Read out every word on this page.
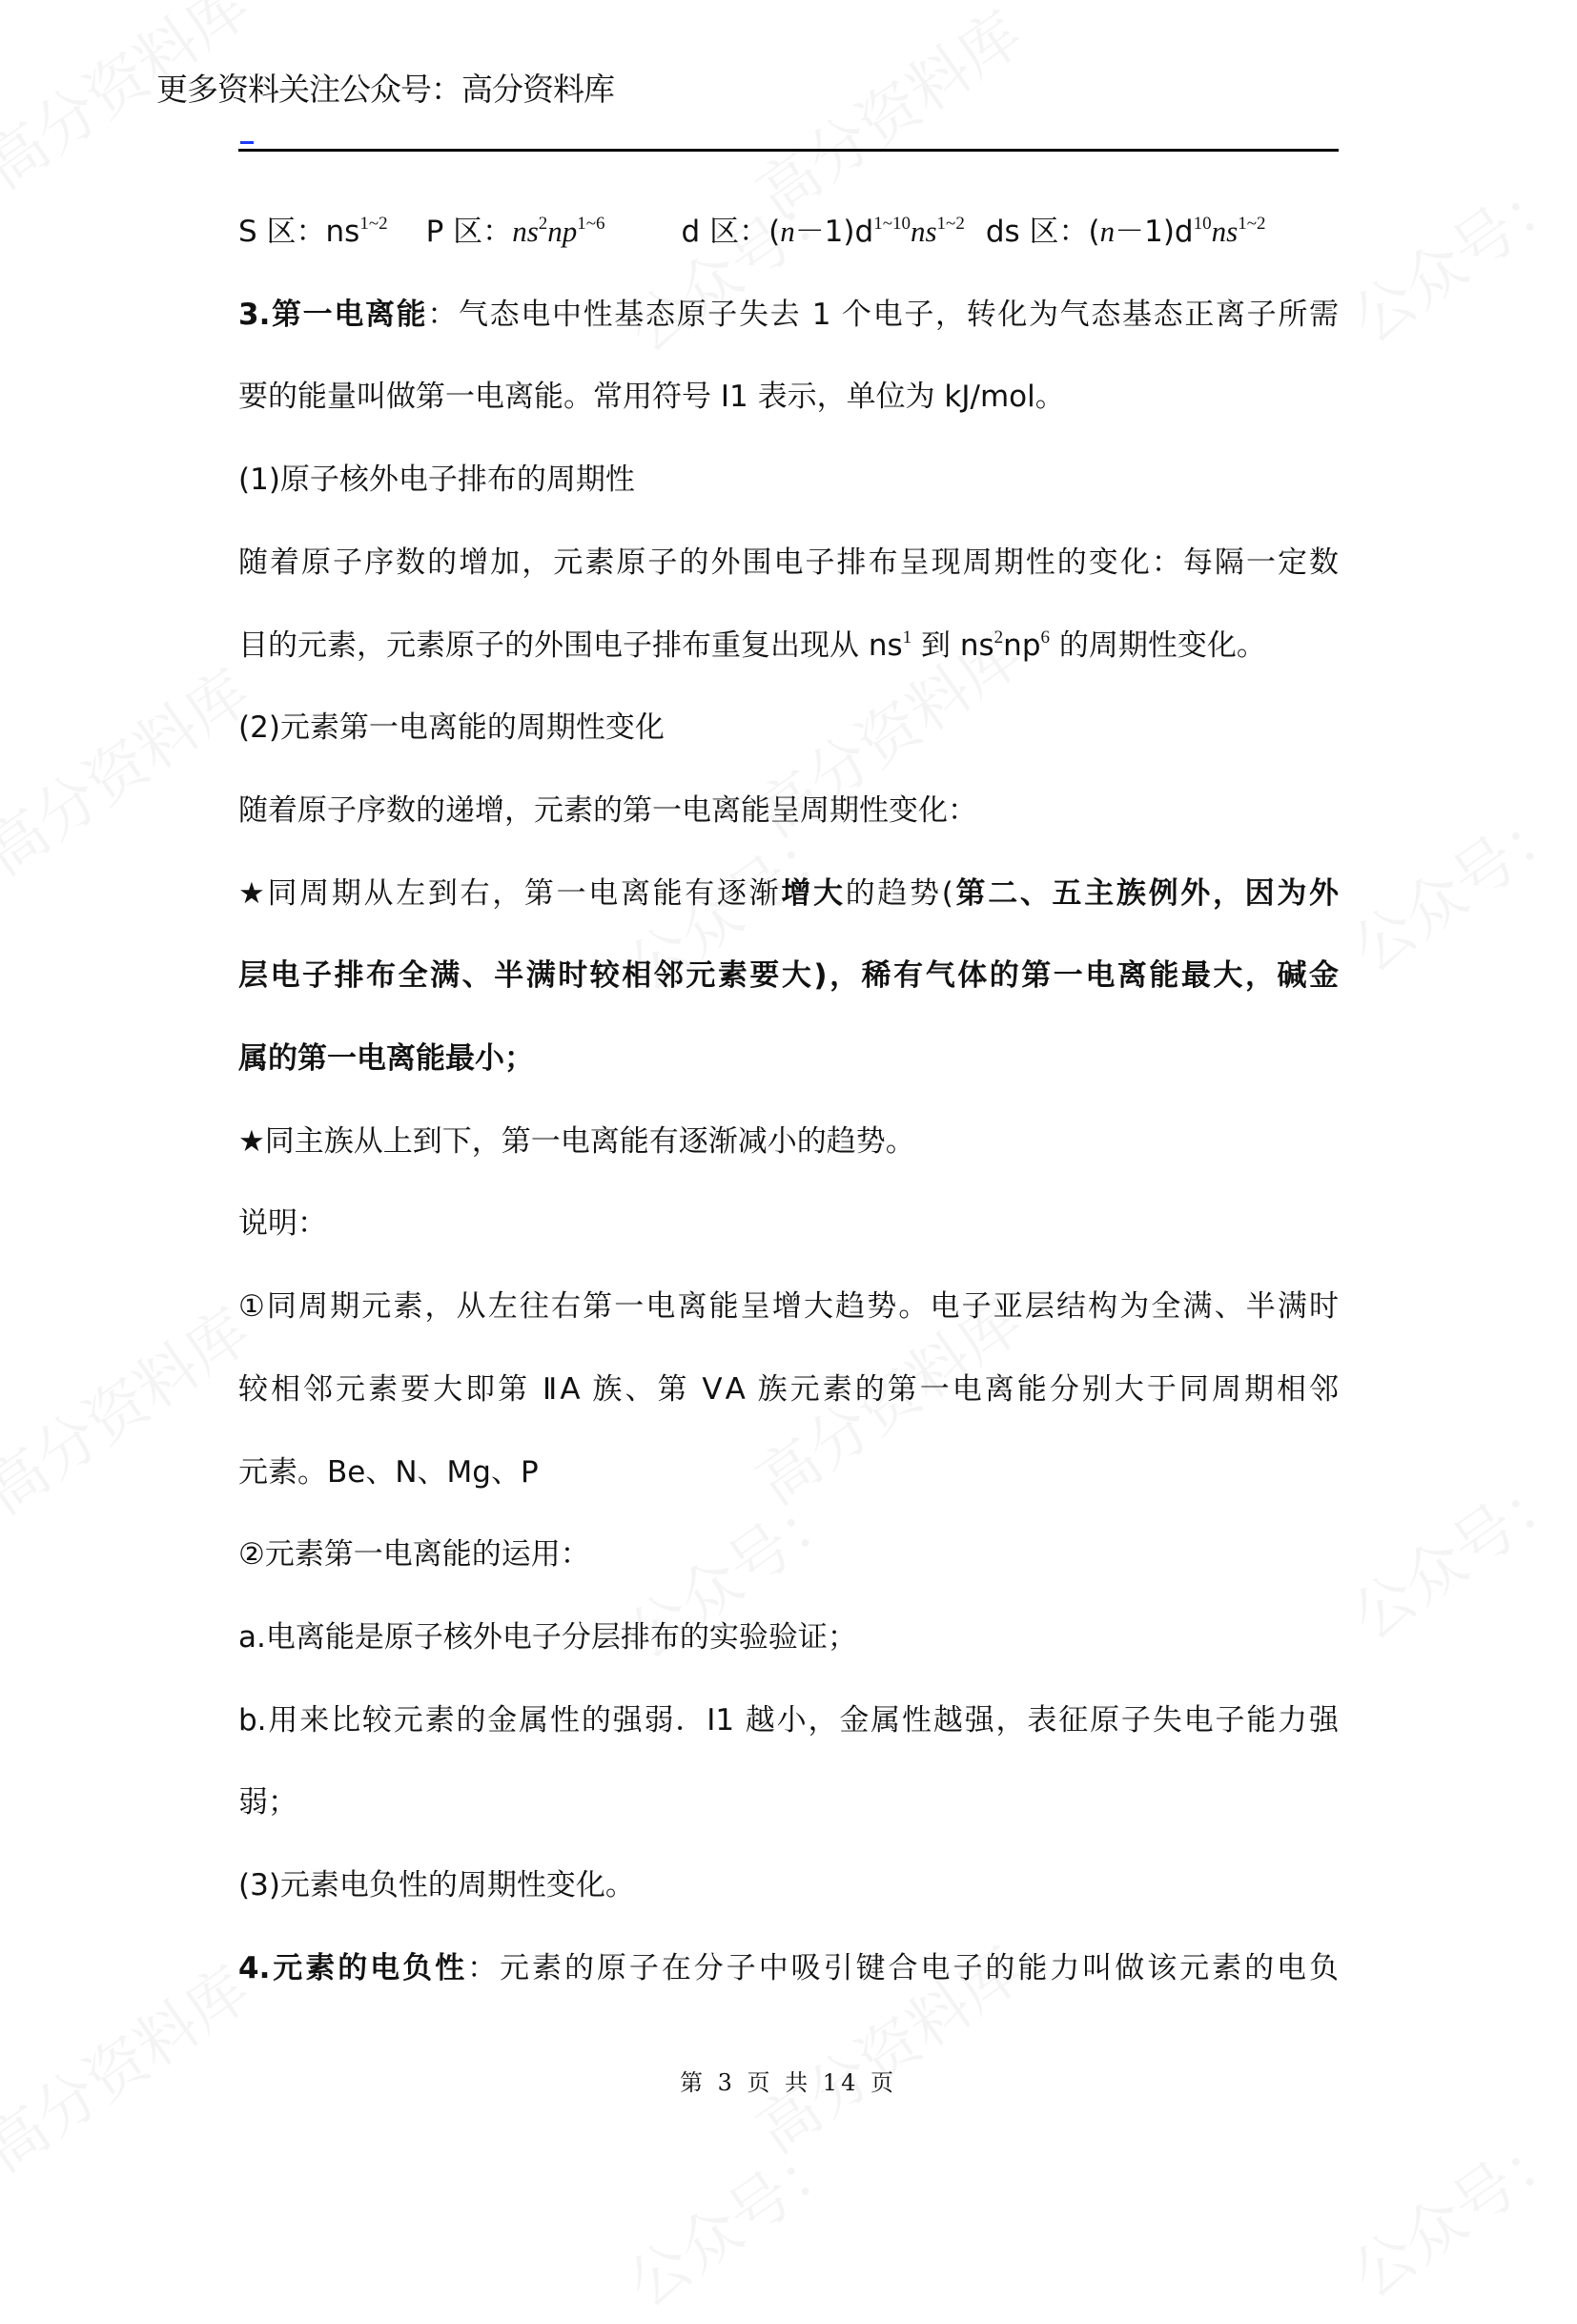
更多资料关注公众号：高分资料库
S 区：$ns^{1\sim 2}$ P 区：$ns^2np^{1\sim 6}$	d 区：$(n-1)d^{1\sim 10}ns^{1\sim 2}$ ds 区：$(n-1)d^{10}ns^{1\sim 2}$
3.第一电离能：气态电中性基态原子失去 1 个电子，转化为气态基态正离子所需
要的能量叫做第一电离能。常用符号 I1 表示，单位为 kJ/mol。
(1)原子核外电子排布的周期性
随着原子序数的增加，元素原子的外围电子排布呈现周期性的变化：每隔一定数
目的元素，元素原子的外围电子排布重复出现从 $ns^1$ 到 $ns^2np^6$ 的周期性变化。
(2)元素第一电离能的周期性变化
随着原子序数的递增，元素的第一电离能呈周期性变化：
★同周期从左到右，第一电离能有逐渐增大的趋势(第二、五主族例外，因为外
层电子排布全满、半满时较相邻元素要大)，稀有气体的第一电离能最大，碱金
属的第一电离能最小；
★同主族从上到下，第一电离能有逐渐减小的趋势。
说明：
①同周期元素，从左往右第一电离能呈增大趋势。电子亚层结构为全满、半满时
较相邻元素要大即第 ⅡA 族、第 ⅤA 族元素的第一电离能分别大于同周期相邻
元素。Be、N、Mg、P
②元素第一电离能的运用：
a.电离能是原子核外电子分层排布的实验验证；
b.用来比较元素的金属性的强弱．I1 越小，金属性越强，表征原子失电子能力强
弱；
(3)元素电负性的周期性变化。
4.元素的电负性：元素的原子在分子中吸引键合电子的能力叫做该元素的电负
第 3 页 共 14 页
